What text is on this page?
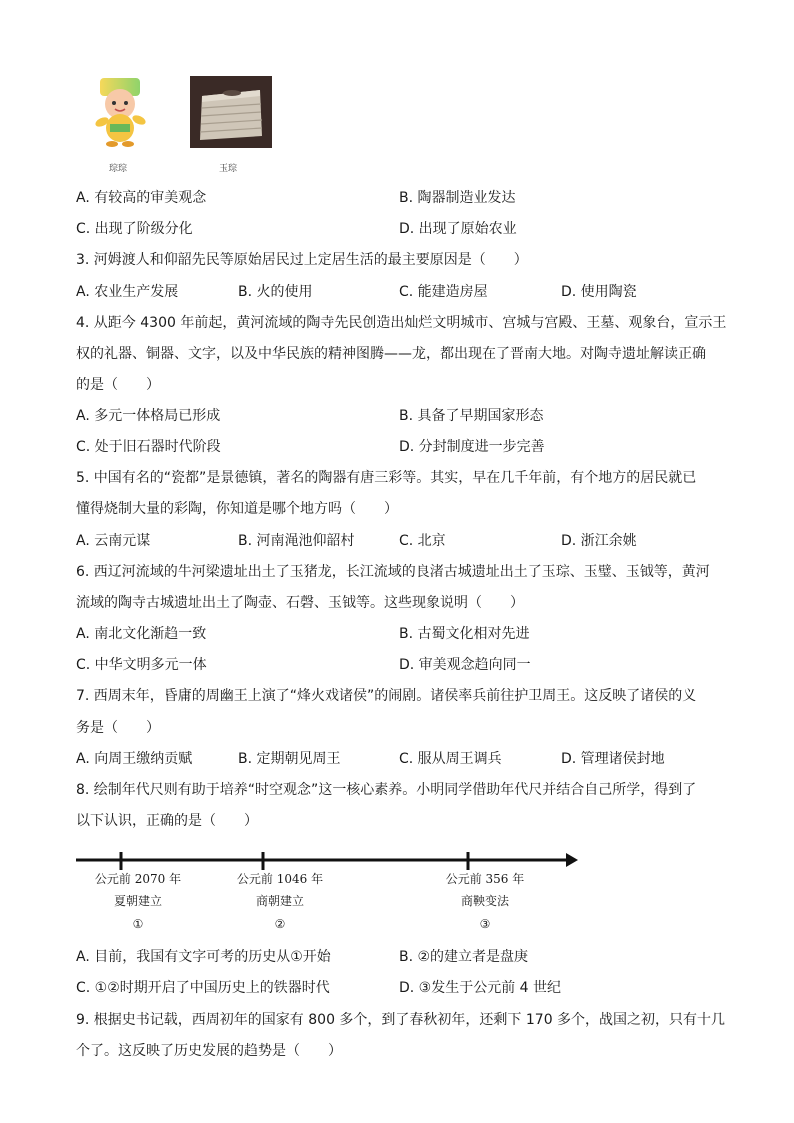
琮琮	玉琮
A. 有较高的审美观念	B. 陶器制造业发达
C. 出现了阶级分化	D. 出现了原始农业
3. 河姆渡人和仰韶先民等原始居民过上定居生活的最主要原因是（　　）
A. 农业生产发展	B. 火的使用	C. 能建造房屋	D. 使用陶瓷
4. 从距今 4300 年前起，黄河流域的陶寺先民创造出灿烂文明城市、宫城与宫殿、王墓、观象台，宣示王
权的礼器、铜器、文字，以及中华民族的精神图腾——龙，都出现在了晋南大地。对陶寺遗址解读正确
的是（　　）
A. 多元一体格局已形成	B. 具备了早期国家形态
C. 处于旧石器时代阶段	D. 分封制度进一步完善
5. 中国有名的“瓷都”是景德镇，著名的陶器有唐三彩等。其实，早在几千年前，有个地方的居民就已
懂得烧制大量的彩陶，你知道是哪个地方吗（　　）
A. 云南元谋	B. 河南渑池仰韶村	C. 北京	D. 浙江余姚
6. 西辽河流域的牛河梁遗址出土了玉猪龙，长江流域的良渚古城遗址出土了玉琮、玉璧、玉钺等，黄河
流域的陶寺古城遗址出土了陶壶、石磬、玉钺等。这些现象说明（　　）
A. 南北文化渐趋一致	B. 古蜀文化相对先进
C. 中华文明多元一体	D. 审美观念趋向同一
7. 西周末年，昏庸的周幽王上演了“烽火戏诸侯”的闹剧。诸侯率兵前往护卫周王。这反映了诸侯的义
务是（　　）
A. 向周王缴纳贡赋	B. 定期朝见周王	C. 服从周王调兵	D. 管理诸侯封地
8. 绘制年代尺则有助于培养“时空观念”这一核心素养。小明同学借助年代尺并结合自己所学，得到了
以下认识，正确的是（　　）
公元前 2070 年
夏朝建立
①
公元前 1046 年
商朝建立
②
公元前 356 年
商鞅变法
③
A. 目前，我国有文字可考的历史从①开始	B. ②的建立者是盘庚
C. ①②时期开启了中国历史上的铁器时代	D. ③发生于公元前 4 世纪
9. 根据史书记载，西周初年的国家有 800 多个，到了春秋初年，还剩下 170 多个，战国之初，只有十几
个了。这反映了历史发展的趋势是（　　）
